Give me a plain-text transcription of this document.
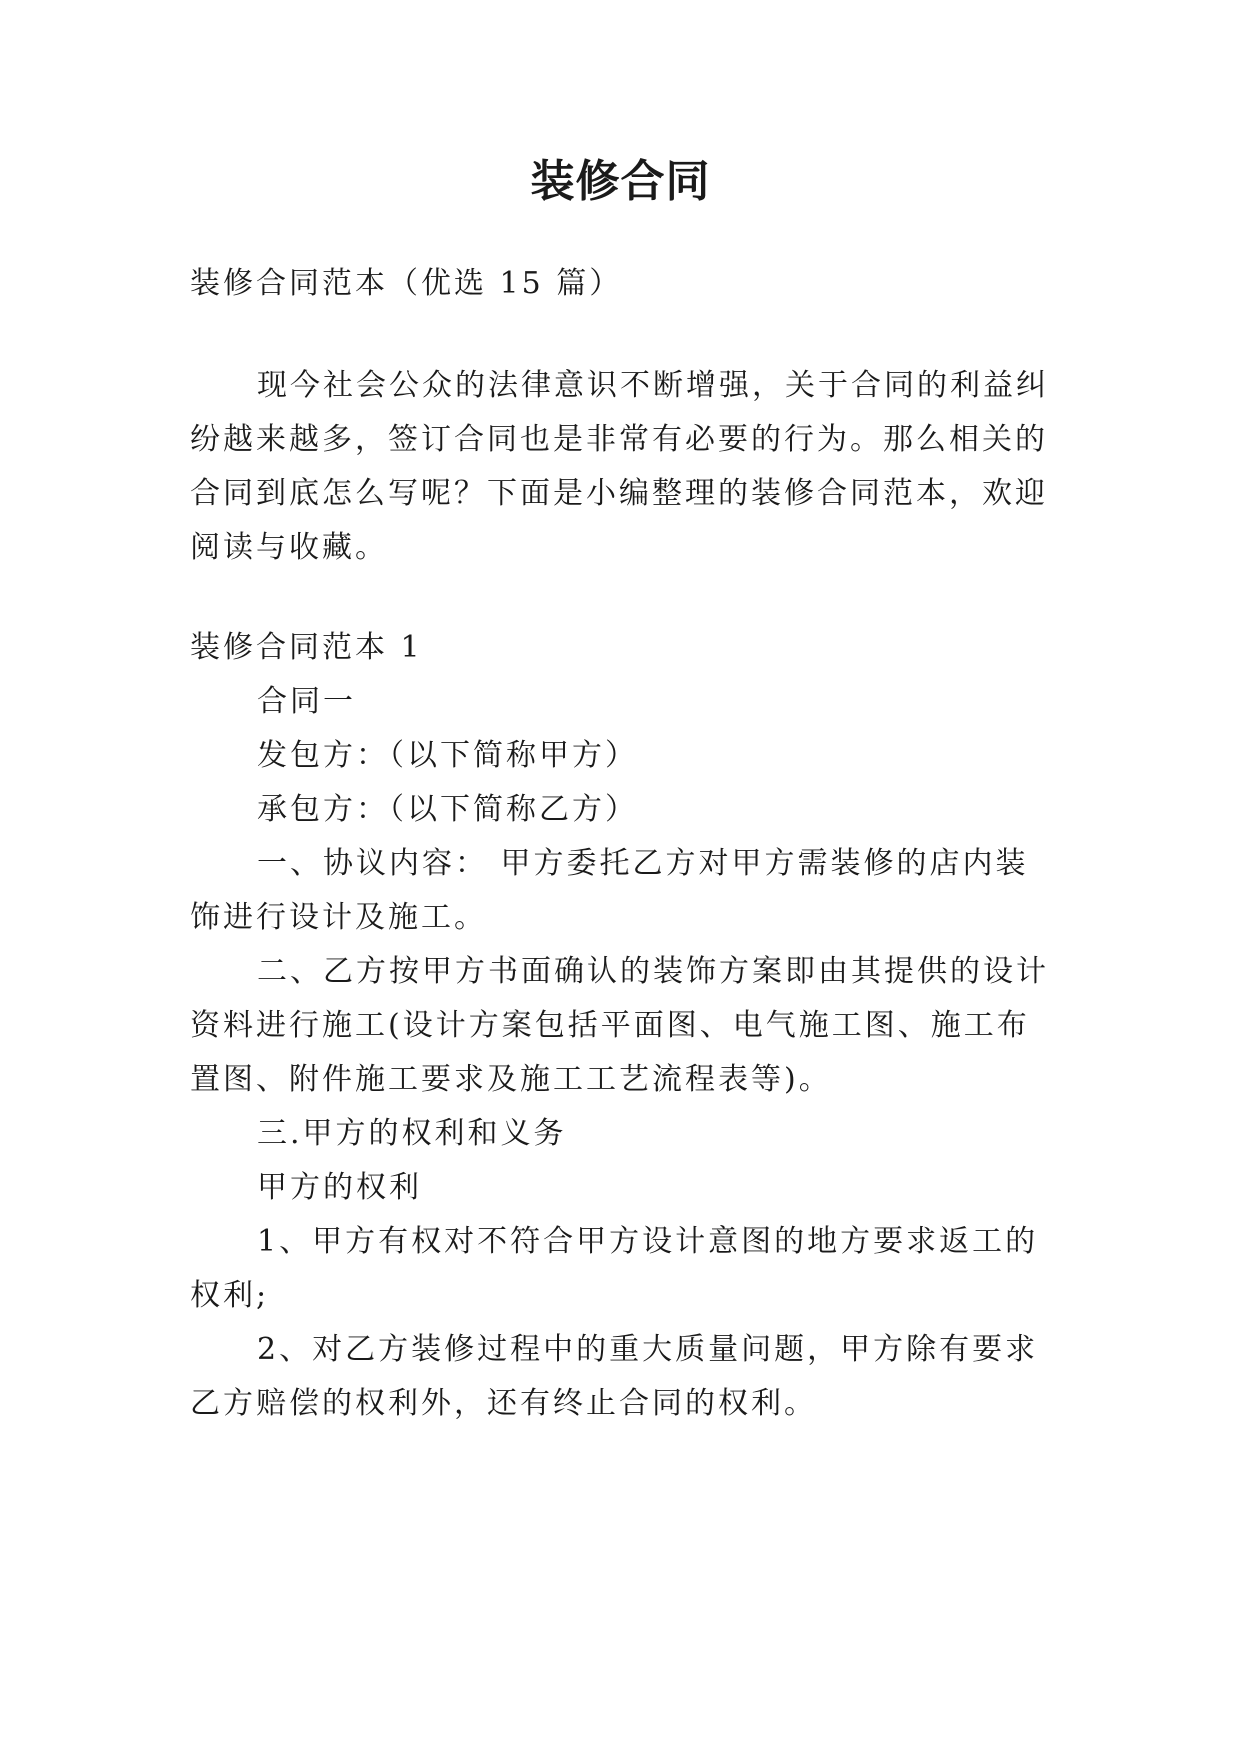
装修合同

装修合同范本（优选 15 篇）

现今社会公众的法律意识不断增强，关于合同的利益纠

纷越来越多，签订合同也是非常有必要的行为。那么相关的

合同到底怎么写呢？下面是小编整理的装修合同范本，欢迎

阅读与收藏。

装修合同范本 1

合同一

发包方：（以下简称甲方）

承包方：（以下简称乙方）

一、协议内容： 甲方委托乙方对甲方需装修的店内装

饰进行设计及施工。

二、乙方按甲方书面确认的装饰方案即由其提供的设计

资料进行施工(设计方案包括平面图、电气施工图、施工布

置图、附件施工要求及施工工艺流程表等)。

三.甲方的权利和义务

甲方的权利

1、甲方有权对不符合甲方设计意图的地方要求返工的

权利;

2、对乙方装修过程中的重大质量问题，甲方除有要求

乙方赔偿的权利外，还有终止合同的权利。
